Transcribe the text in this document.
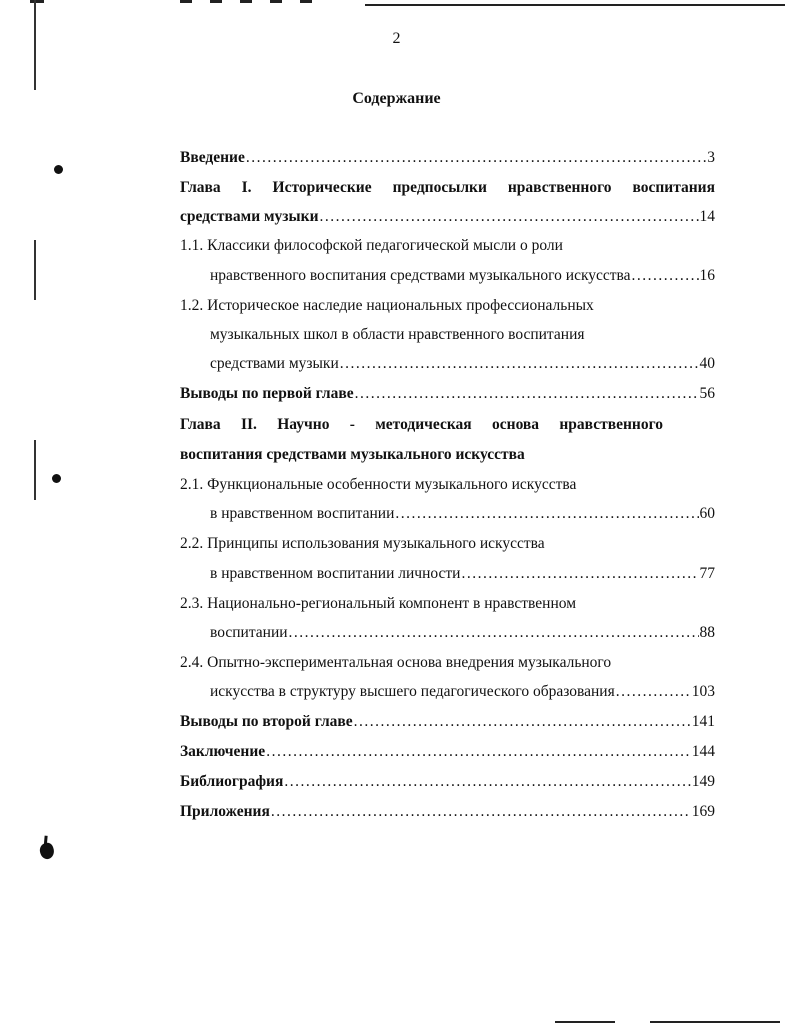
2
Содержание
Введение .....	3
Глава I. Исторические предпосылки нравственного воспитания
средствами музыки .....	14
1.1. Классики философской педагогической мысли о роли
нравственного воспитания средствами музыкального искусства .....	16
1.2. Историческое наследие национальных профессиональных
музыкальных школ в области нравственного воспитания
средствами музыки .....	40
Выводы по первой главе .....	56
Глава II. Научно - методическая основа нравственного
воспитания средствами музыкального искусства
2.1. Функциональные особенности музыкального искусства
в нравственном воспитании .....	60
2.2. Принципы использования музыкального искусства
в нравственном воспитании личности .....	77
2.3. Национально-региональный компонент в нравственном
воспитании .....	88
2.4. Опытно-экспериментальная основа внедрения музыкального
искусства в структуру высшего педагогического образования .....	103
Выводы по второй главе .....	141
Заключение .....	144
Библиография .....	149
Приложения .....	169
